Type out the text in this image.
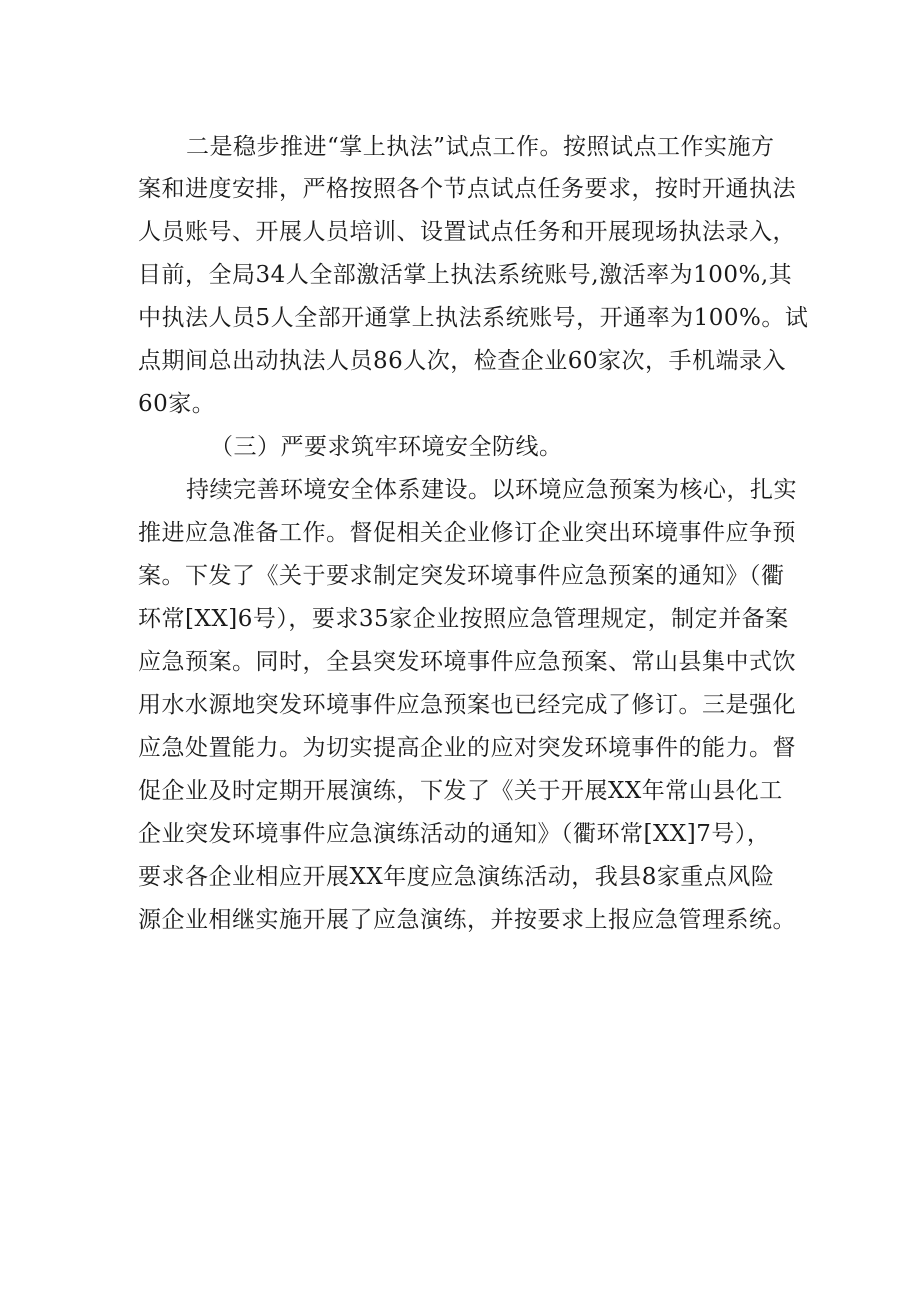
二是稳步推进“掌上执法”试点工作。按照试点工作实施方
案和进度安排，严格按照各个节点试点任务要求，按时开通执法
人员账号、开展人员培训、设置试点任务和开展现场执法录入，
目前，全局34人全部激活掌上执法系统账号,激活率为100%,其
中执法人员5人全部开通掌上执法系统账号，开通率为100%。试
点期间总出动执法人员86人次，检查企业60家次，手机端录入
60家。
（三）严要求筑牢环境安全防线。
持续完善环境安全体系建设。以环境应急预案为核心，扎实
推进应急准备工作。督促相关企业修订企业突出环境事件应争预
案。下发了《关于要求制定突发环境事件应急预案的通知》（衢
环常[XX]6号），要求35家企业按照应急管理规定，制定并备案
应急预案。同时，全县突发环境事件应急预案、常山县集中式饮
用水水源地突发环境事件应急预案也已经完成了修订。三是强化
应急处置能力。为切实提高企业的应对突发环境事件的能力。督
促企业及时定期开展演练，下发了《关于开展XX年常山县化工
企业突发环境事件应急演练活动的通知》（衢环常[XX]7号），
要求各企业相应开展XX年度应急演练活动，我县8家重点风险
源企业相继实施开展了应急演练，并按要求上报应急管理系统。
